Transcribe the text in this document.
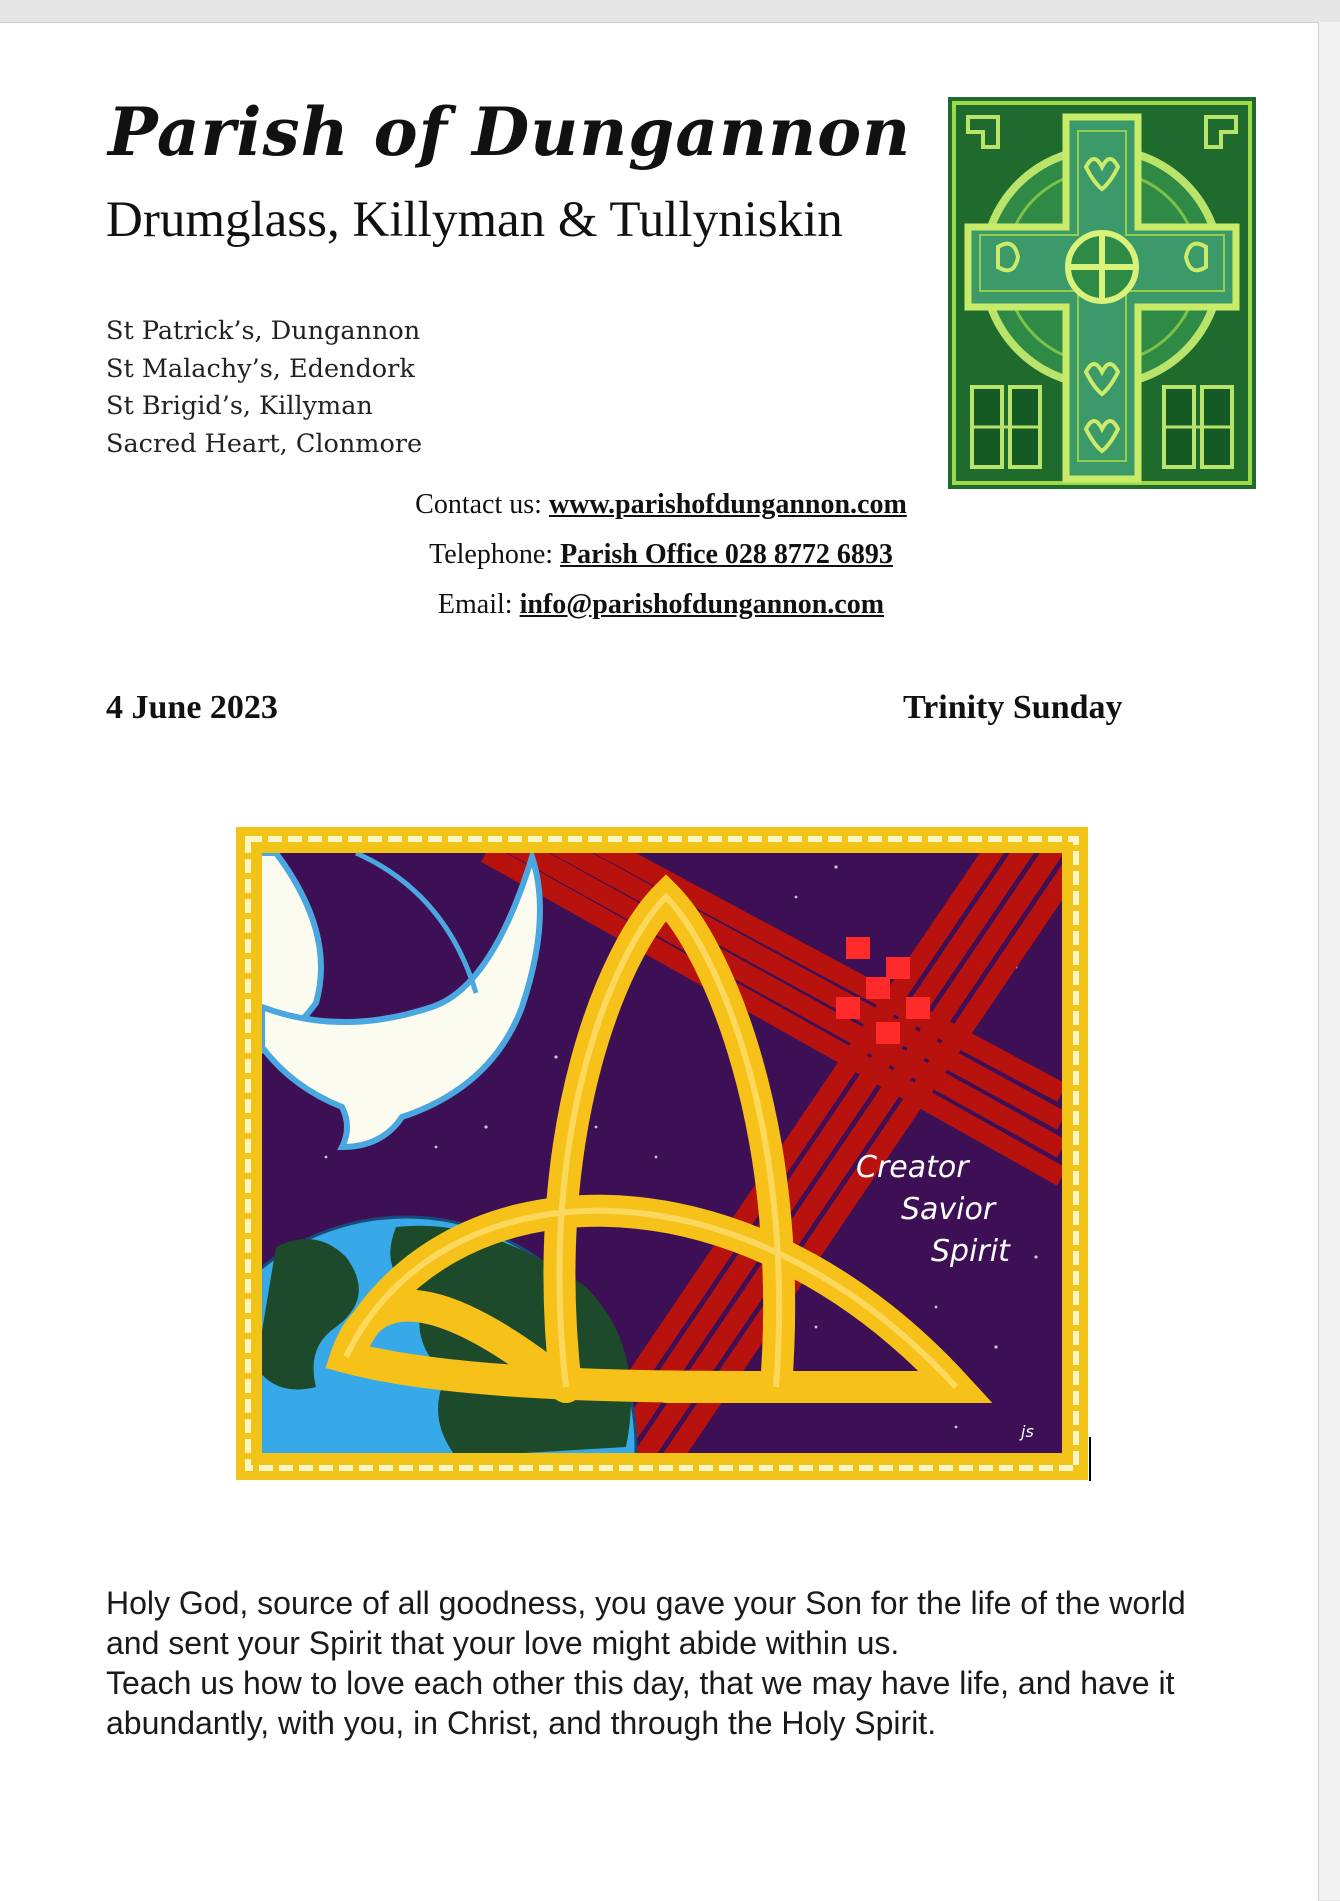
Parish of Dungannon
Drumglass, Killyman & Tullyniskin
St Patrick’s, Dungannon
St Malachy’s, Edendork
St Brigid’s, Killyman
Sacred Heart, Clonmore
Contact us: www.parishofdungannon.com
Telephone: Parish Office 028 8772 6893
Email: info@parishofdungannon.com
4 June 2023	Trinity Sunday
Creator
Savior
Spirit
js

Holy God, source of all goodness, you gave your Son for the life of the world and sent your Spirit that your love might abide within us.

Teach us how to love each other this day, that we may have life, and have it abundantly, with you, in Christ, and through the Holy Spirit.
